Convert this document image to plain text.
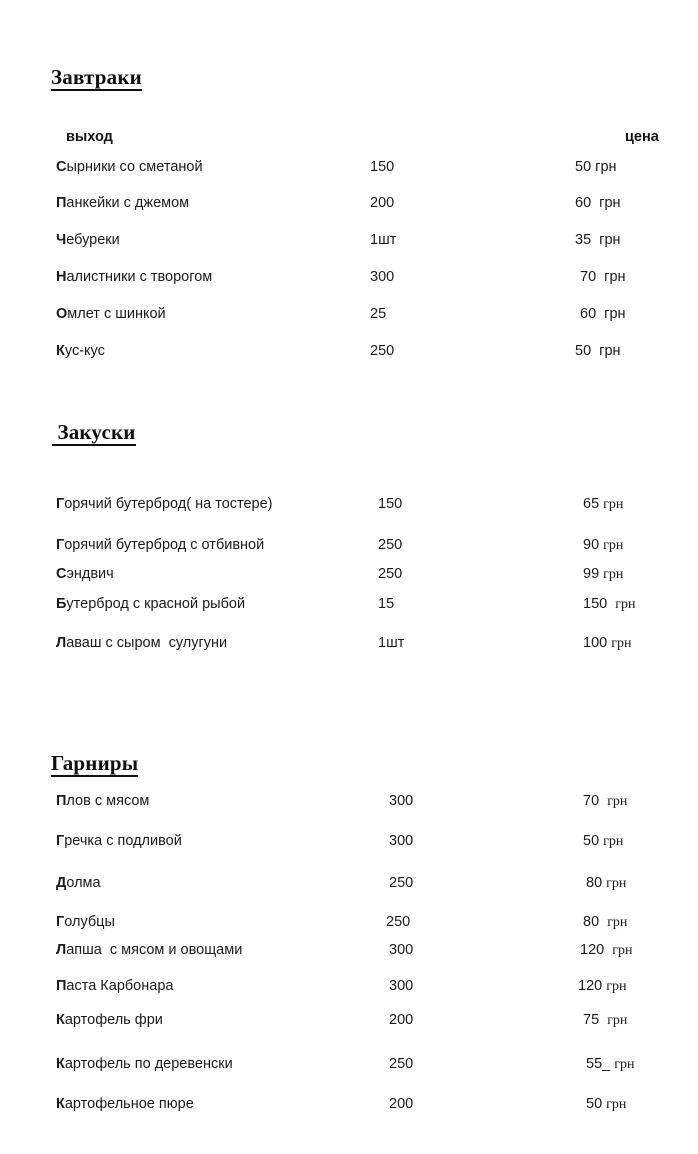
Завтраки
выход	цена
Сырники со сметаной	150	50 грн
Панкейки с джемом	200	60  грн
Чебуреки	1шт	35  грн
Налистники с творогом	300	70  грн
Омлет с шинкой	25	60  грн
Кус-кус	250	50  грн
Закуски
Горячий бутерброд( на тостере)	150	65 грн
Горячий бутерброд с отбивной	250	90 грн
Сэндвич	250	99 грн
Бутерброд с красной рыбой	15	150  грн
Лаваш с сыром  сулугуни	1шт	100 грн
Гарниры
Плов с мясом	300	70  грн
Гречка с подливой	300	50 грн
Долма	250	80 грн
Голубцы	250	80  грн
Лапша  с мясом и овощами	300	120  грн
Паста Карбонара	300	120 грн
Картофель фри	200	75  грн
Картофель по деревенски	250	55_ грн
Картофельное пюре	200	50 грн
